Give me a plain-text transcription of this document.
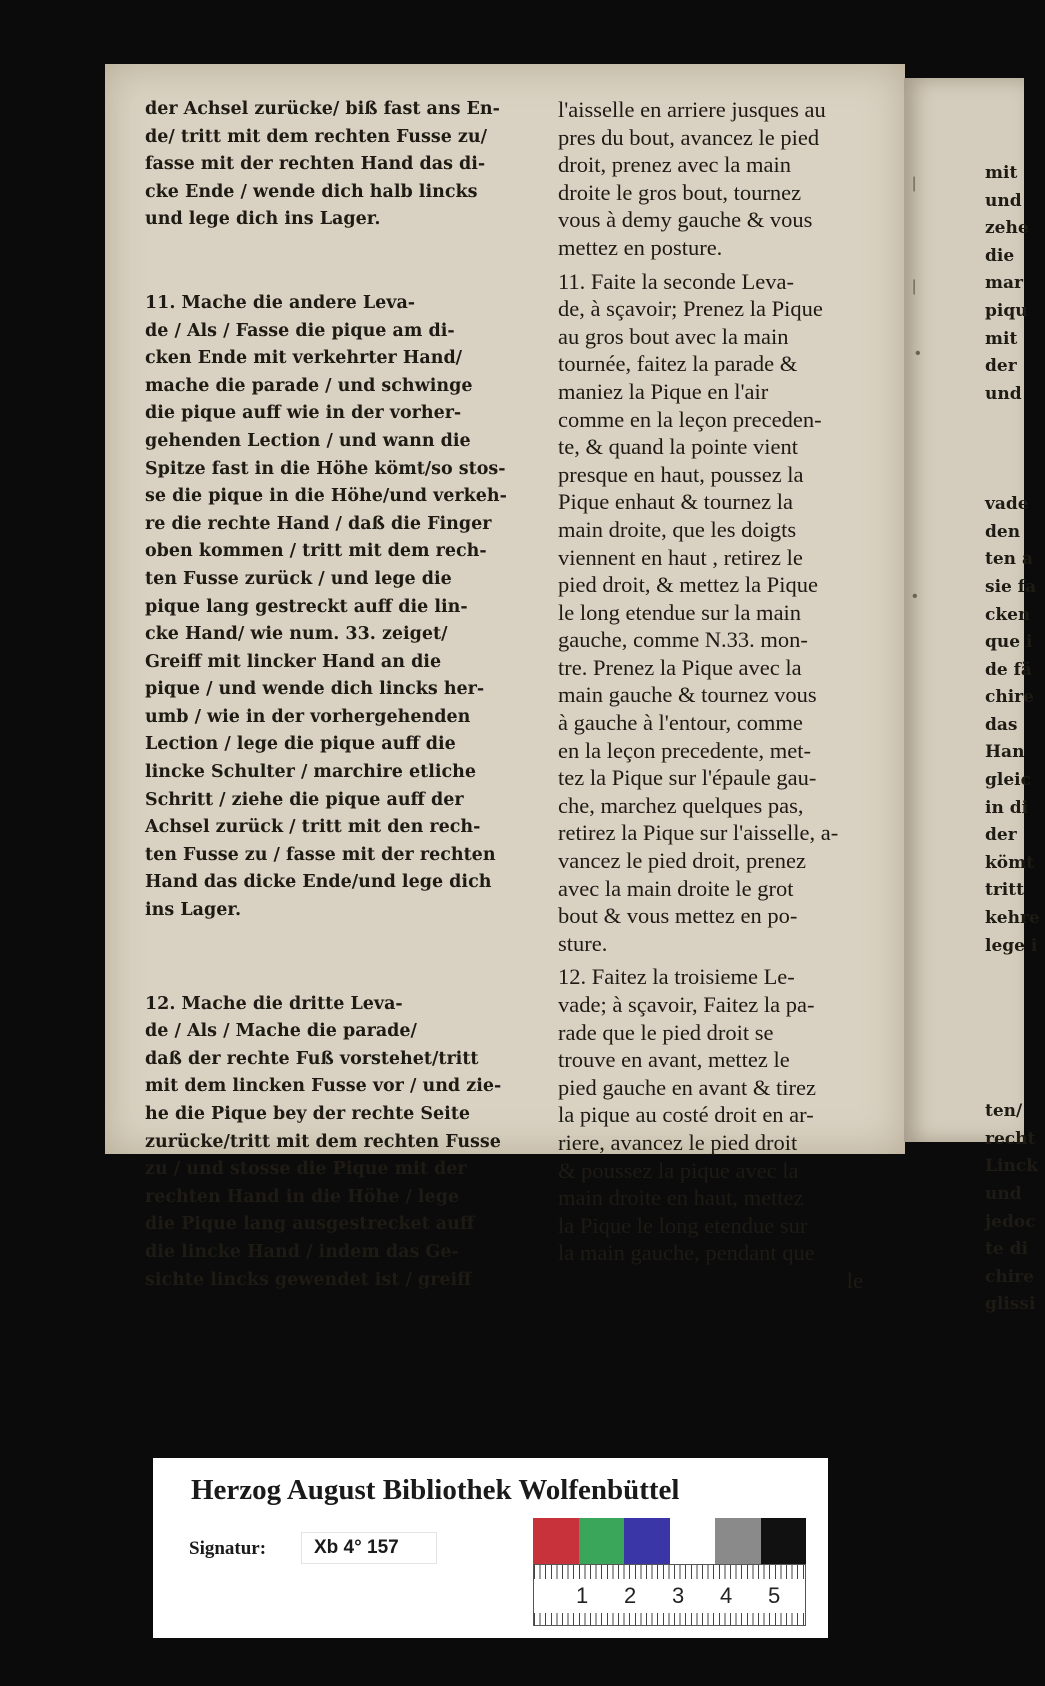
der Achsel zurücke/ biß fast ans En-
de/ tritt mit dem rechten Fusse zu/
fasse mit der rechten Hand das di-
cke Ende / wende dich halb lincks
und lege dich ins Lager.
11. Mache die andere Leva-
de / Als / Fasse die pique am di-
cken Ende mit verkehrter Hand/
mache die parade / und schwinge
die pique auff wie in der vorher-
gehenden Lection / und wann die
Spitze fast in die Höhe kömt/so stos-
se die pique in die Höhe/und verkeh-
re die rechte Hand / daß die Finger
oben kommen / tritt mit dem rech-
ten Fusse zurück / und lege die
pique lang gestreckt auff die lin-
cke Hand/ wie num. 33. zeiget/
Greiff mit lincker Hand an die
pique / und wende dich lincks her-
umb / wie in der vorhergehenden
Lection / lege die pique auff die
lincke Schulter / marchire etliche
Schritt / ziehe die pique auff der
Achsel zurück / tritt mit den rech-
ten Fusse zu / fasse mit der rechten
Hand das dicke Ende/und lege dich
ins Lager.
12. Mache die dritte Leva-
de / Als / Mache die parade/
daß der rechte Fuß vorstehet/tritt
mit dem lincken Fusse vor / und zie-
he die Pique bey der rechte Seite
zurücke/tritt mit dem rechten Fusse
zu / und stosse die Pique mit der
rechten Hand in die Höhe / lege
die Pique lang ausgestrecket auff
die lincke Hand / indem das Ge-
sichte lincks gewendet ist / greiff
l'aisselle en arriere jusques au
pres du bout, avancez le pied
droit, prenez avec la main
droite le gros bout, tournez
vous à demy gauche & vous
mettez en posture.
11. Faite la seconde Leva-
de, à sçavoir; Prenez la Pique
au gros bout avec la main
tournée, faitez la parade &
maniez la Pique en l'air
comme en la leçon preceden-
te, & quand la pointe vient
presque en haut, poussez la
Pique enhaut & tournez la
main droite, que les doigts
viennent en haut , retirez le
pied droit, & mettez la Pique
le long etendue sur la main
gauche, comme N.33. mon-
tre. Prenez la Pique avec la
main gauche & tournez vous
à gauche à l'entour, comme
en la leçon precedente, met-
tez la Pique sur l'épaule gau-
che, marchez quelques pas,
retirez la Pique sur l'aisselle, a-
vancez le pied droit, prenez
avec la main droite le grot
bout & vous mettez en po-
sture.
12. Faitez la troisieme Le-
vade; à sçavoir, Faitez la pa-
rade que le pied droit se
trouve en avant, mettez le
pied gauche en avant & tirez
la pique au costé droit en ar-
riere, avancez le pied droit
& poussez la pique avec la
main droite en haut, mettez
la Pique le long etendue sur
la main gauche, pendant que

le

mit
und
zehe
die
mar
piqu
mit
der
und
vade
den
ten a
sie fa
cken
que i
de fä
chire
das
Han
gleic
in di
der
kömt
tritt
kehre
lege i
ten/
recht
Linck
und
jedoc
te di
chire
glissi
|
|
•
•
Herzog August Bibliothek Wolfenbüttel
Signatur:	Xb 4° 157
1 2 3 4 5
